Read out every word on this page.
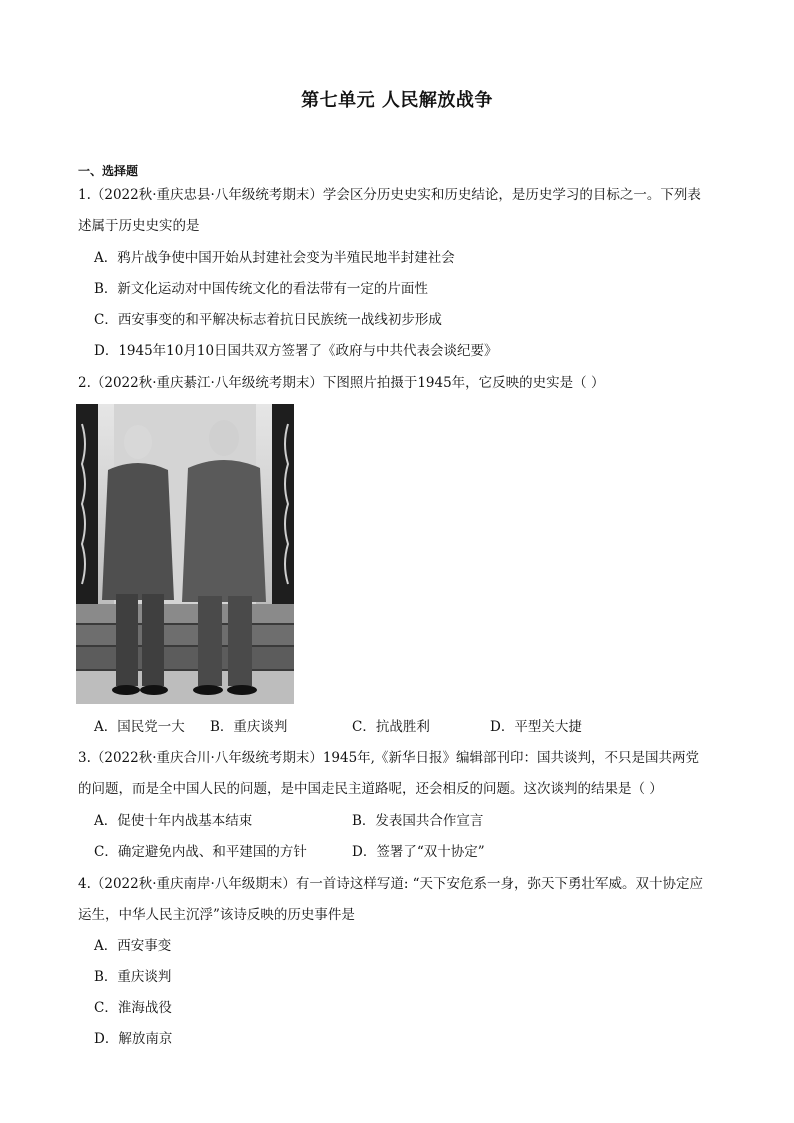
第七单元 人民解放战争
一、选择题
1.（2022秋·重庆忠县·八年级统考期末）学会区分历史史实和历史结论，是历史学习的目标之一。下列表
述属于历史史实的是
A．鸦片战争使中国开始从封建社会变为半殖民地半封建社会
B．新文化运动对中国传统文化的看法带有一定的片面性
C．西安事变的和平解决标志着抗日民族统一战线初步形成
D．1945年10月10日国共双方签署了《政府与中共代表会谈纪要》
2.（2022秋·重庆綦江·八年级统考期末）下图照片拍摄于1945年，它反映的史实是（ ）
A．国民党一大 B．重庆谈判	C．抗战胜利	D．平型关大捷
3.（2022秋·重庆合川·八年级统考期末）1945年,《新华日报》编辑部刊印：国共谈判，不只是国共两党
的问题，而是全中国人民的问题，是中国走民主道路呢，还会相反的问题。这次谈判的结果是（ ）
A．促使十年内战基本结束	B．发表国共合作宣言
C．确定避免内战、和平建国的方针	D．签署了“双十协定”
4.（2022秋·重庆南岸·八年级期末）有一首诗这样写道: “天下安危系一身，弥天下勇壮军威。双十协定应
运生，中华人民主沉浮”该诗反映的历史事件是
A．西安事变
B．重庆谈判
C．淮海战役
D．解放南京
